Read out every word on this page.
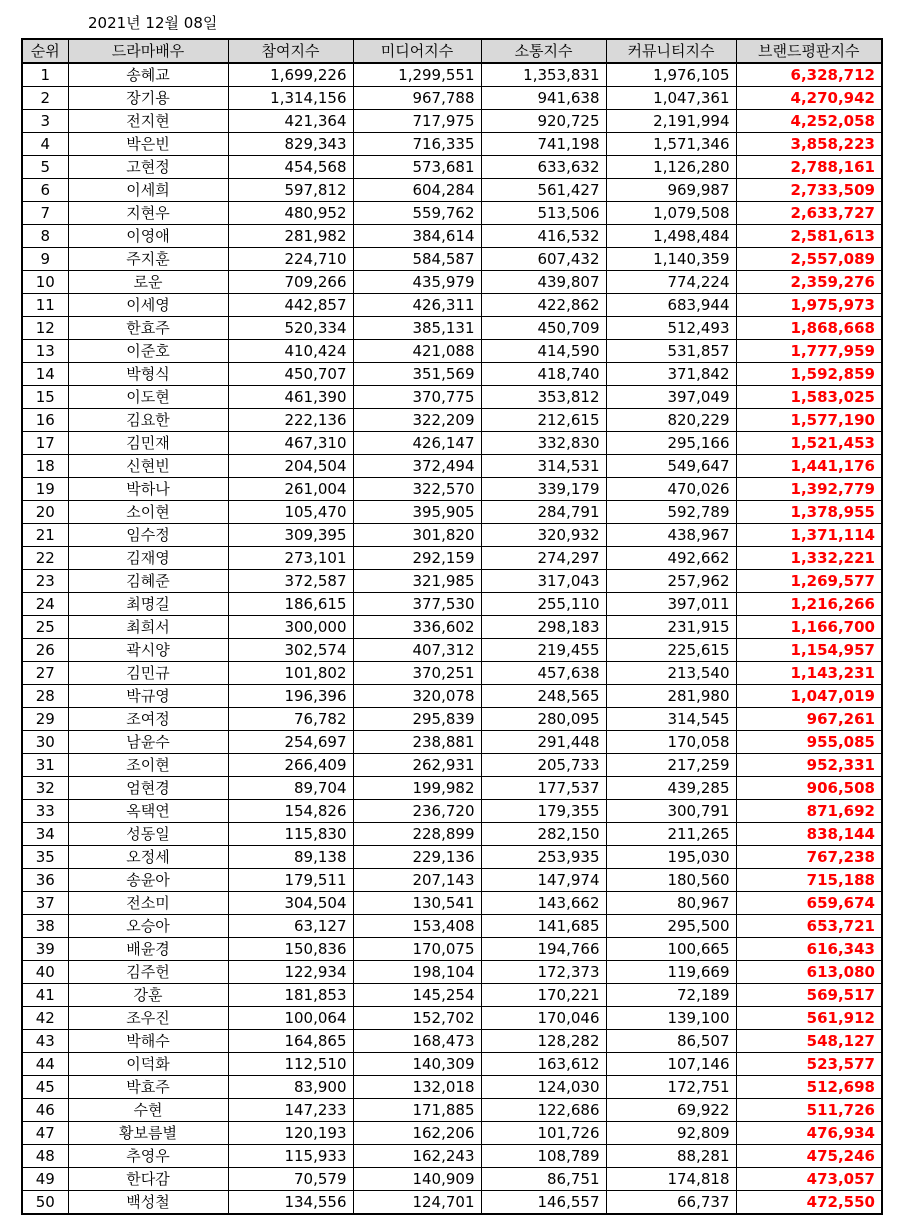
2021년 12월 08일
순위	드라마배우	참여지수	미디어지수	소통지수	커뮤니티지수	브랜드평판지수
1	송혜교	1,699,226	1,299,551	1,353,831	1,976,105	6,328,712
2	장기용	1,314,156	967,788	941,638	1,047,361	4,270,942
3	전지현	421,364	717,975	920,725	2,191,994	4,252,058
4	박은빈	829,343	716,335	741,198	1,571,346	3,858,223
5	고현정	454,568	573,681	633,632	1,126,280	2,788,161
6	이세희	597,812	604,284	561,427	969,987	2,733,509
7	지현우	480,952	559,762	513,506	1,079,508	2,633,727
8	이영애	281,982	384,614	416,532	1,498,484	2,581,613
9	주지훈	224,710	584,587	607,432	1,140,359	2,557,089
10	로운	709,266	435,979	439,807	774,224	2,359,276
11	이세영	442,857	426,311	422,862	683,944	1,975,973
12	한효주	520,334	385,131	450,709	512,493	1,868,668
13	이준호	410,424	421,088	414,590	531,857	1,777,959
14	박형식	450,707	351,569	418,740	371,842	1,592,859
15	이도현	461,390	370,775	353,812	397,049	1,583,025
16	김요한	222,136	322,209	212,615	820,229	1,577,190
17	김민재	467,310	426,147	332,830	295,166	1,521,453
18	신현빈	204,504	372,494	314,531	549,647	1,441,176
19	박하나	261,004	322,570	339,179	470,026	1,392,779
20	소이현	105,470	395,905	284,791	592,789	1,378,955
21	임수정	309,395	301,820	320,932	438,967	1,371,114
22	김재영	273,101	292,159	274,297	492,662	1,332,221
23	김혜준	372,587	321,985	317,043	257,962	1,269,577
24	최명길	186,615	377,530	255,110	397,011	1,216,266
25	최희서	300,000	336,602	298,183	231,915	1,166,700
26	곽시양	302,574	407,312	219,455	225,615	1,154,957
27	김민규	101,802	370,251	457,638	213,540	1,143,231
28	박규영	196,396	320,078	248,565	281,980	1,047,019
29	조여정	76,782	295,839	280,095	314,545	967,261
30	남윤수	254,697	238,881	291,448	170,058	955,085
31	조이현	266,409	262,931	205,733	217,259	952,331
32	엄현경	89,704	199,982	177,537	439,285	906,508
33	옥택연	154,826	236,720	179,355	300,791	871,692
34	성동일	115,830	228,899	282,150	211,265	838,144
35	오정세	89,138	229,136	253,935	195,030	767,238
36	송윤아	179,511	207,143	147,974	180,560	715,188
37	전소미	304,504	130,541	143,662	80,967	659,674
38	오승아	63,127	153,408	141,685	295,500	653,721
39	배윤경	150,836	170,075	194,766	100,665	616,343
40	김주헌	122,934	198,104	172,373	119,669	613,080
41	강훈	181,853	145,254	170,221	72,189	569,517
42	조우진	100,064	152,702	170,046	139,100	561,912
43	박해수	164,865	168,473	128,282	86,507	548,127
44	이덕화	112,510	140,309	163,612	107,146	523,577
45	박효주	83,900	132,018	124,030	172,751	512,698
46	수현	147,233	171,885	122,686	69,922	511,726
47	황보름별	120,193	162,206	101,726	92,809	476,934
48	추영우	115,933	162,243	108,789	88,281	475,246
49	한다감	70,579	140,909	86,751	174,818	473,057
50	백성철	134,556	124,701	146,557	66,737	472,550
